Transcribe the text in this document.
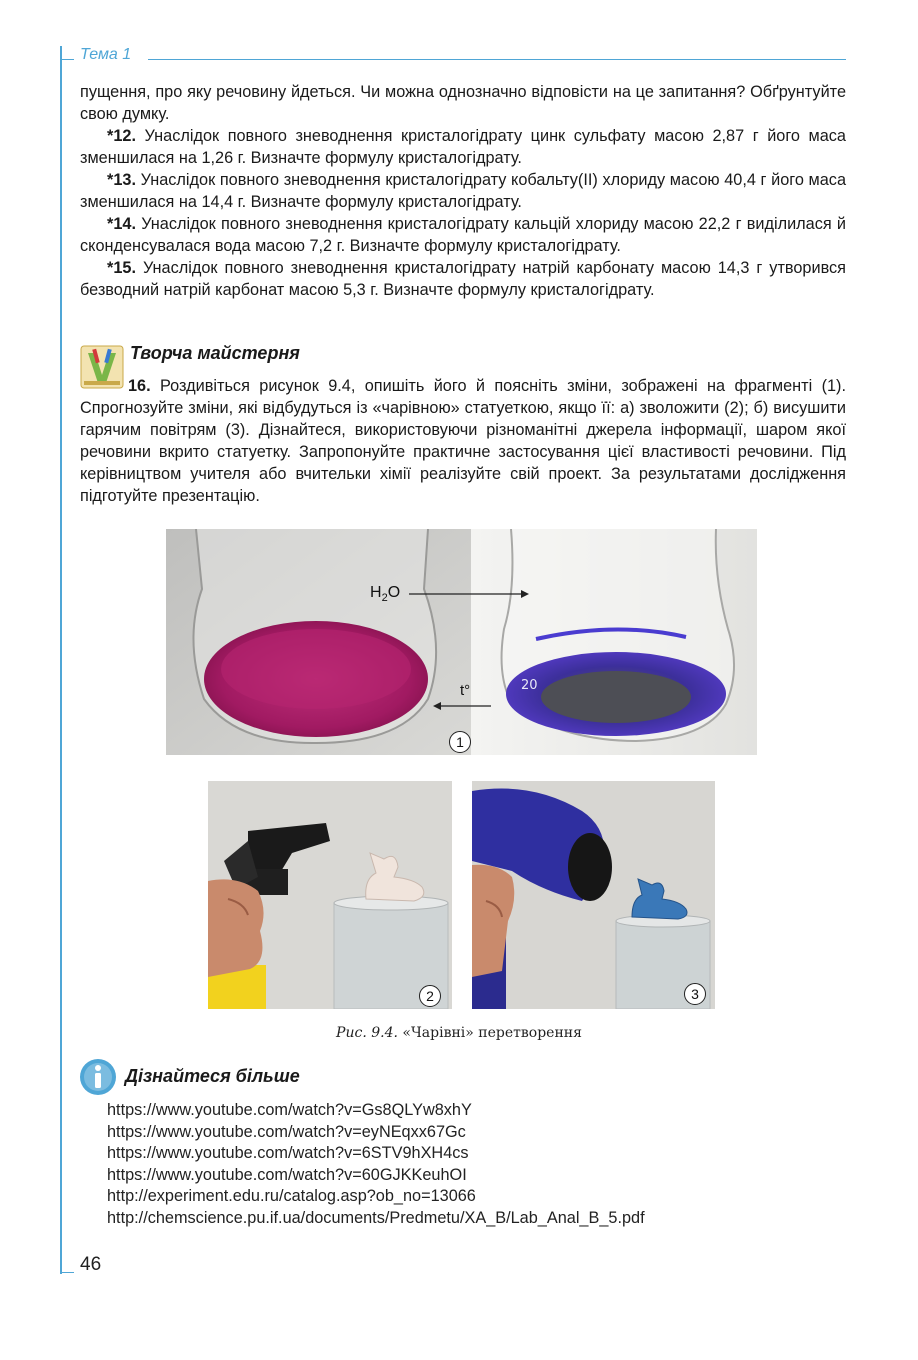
Тема 1

пущення, про яку речовину йдеться. Чи можна однозначно відповісти на це запитання? Обґрунтуйте свою думку.

*12. Унаслідок повного зневоднення кристалогідрату цинк сульфату масою 2,87 г його маса зменшилася на 1,26 г. Визначте формулу кристалогідрату.

*13. Унаслідок повного зневоднення кристалогідрату кобальту(ІІ) хлориду масою 40,4 г його маса зменшилася на 14,4 г. Визначте формулу кристалогідрату.

*14. Унаслідок повного зневоднення кристалогідрату кальцій хлориду масою 22,2 г виділилася й сконденсувалася вода масою 7,2 г. Визначте формулу кристалогідрату.

*15. Унаслідок повного зневоднення кристалогідрату натрій карбонату масою 14,3 г утворився безводний натрій карбонат масою 5,3 г. Визначте формулу кристалогідрату.

Творча майстерня

16. Роздивіться рисунок 9.4, опишіть його й поясніть зміни, зображені на фрагменті (1). Спрогнозуйте зміни, які відбудуться із «чарівною» статуеткою, якщо її: а) зволожити (2); б) висушити гарячим повітрям (3). Дізнайтеся, використовуючи різноманітні джерела інформації, шаром якої речовини вкрито статуетку. Запропонуйте практичне застосування цієї властивості речовини. Під керівництвом учителя або вчительки хімії реалізуйте свій проект. За результатами дослідження підготуйте презентацію.

20
$H_2O$
t°
1
2	3
Рис. 9.4. «Чарівні» перетворення
Дізнайтеся більше
https://www.youtube.com/watch?v=Gs8QLYw8xhY
https://www.youtube.com/watch?v=eyNEqxx67Gc
https://www.youtube.com/watch?v=6STV9hXH4cs
https://www.youtube.com/watch?v=60GJKKeuhOI
http://experiment.edu.ru/catalog.asp?ob_no=13066
http://chemscience.pu.if.ua/documents/Predmetu/XA_B/Lab_Anal_B_5.pdf
46
